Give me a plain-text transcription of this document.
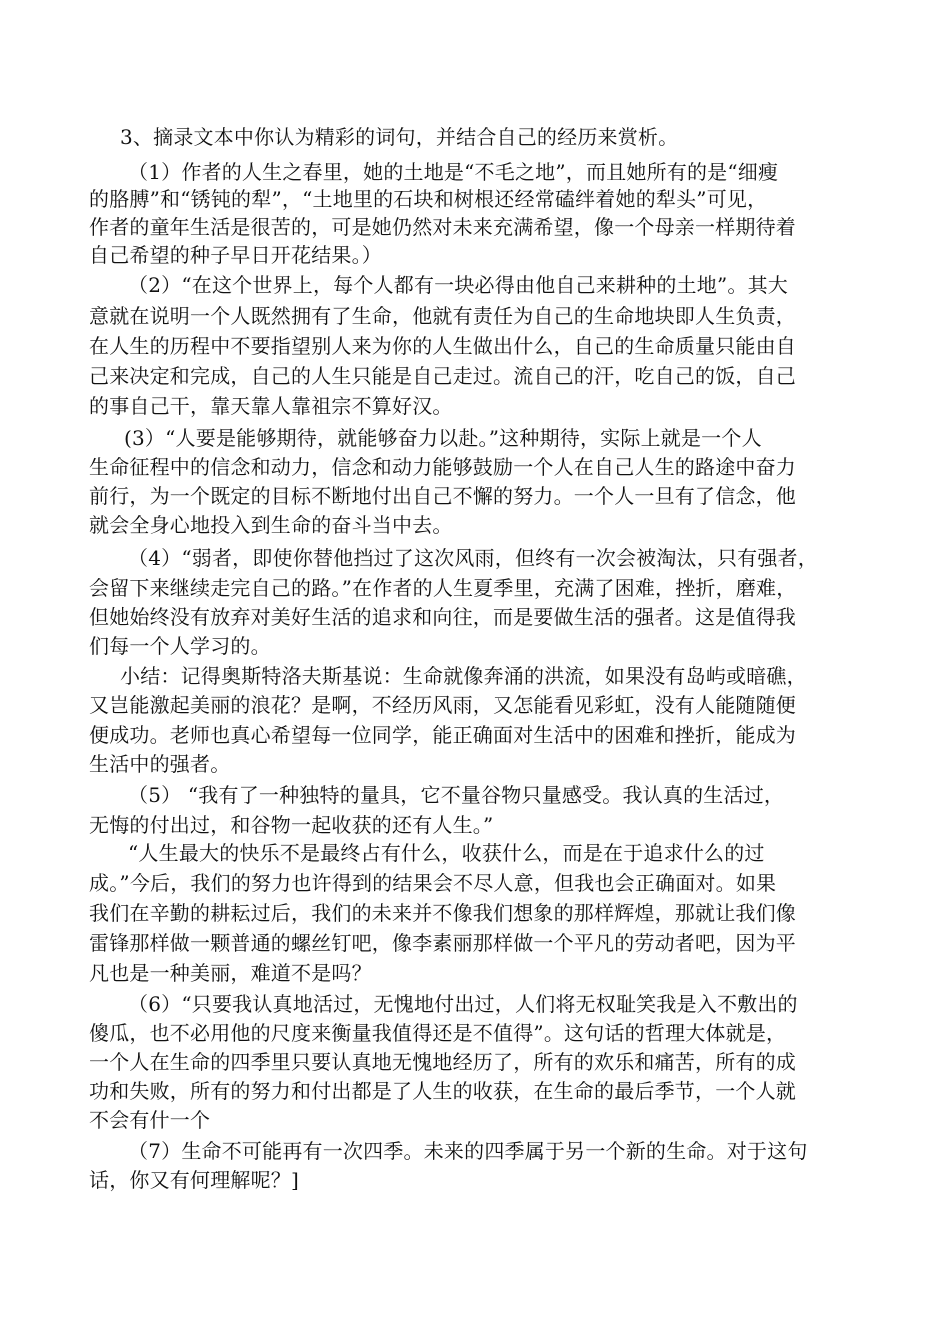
3、摘录文本中你认为精彩的词句，并结合自己的经历来赏析。
（1）作者的人生之春里，她的土地是“不毛之地”，而且她所有的是“细瘦
的胳膊”和“锈钝的犁”，“土地里的石块和树根还经常磕绊着她的犁头”可见，
作者的童年生活是很苦的，可是她仍然对未来充满希望，像一个母亲一样期待着
自己希望的种子早日开花结果。）
（2）“在这个世界上，每个人都有一块必得由他自己来耕种的土地”。其大
意就在说明一个人既然拥有了生命，他就有责任为自己的生命地块即人生负责，
在人生的历程中不要指望别人来为你的人生做出什么，自己的生命质量只能由自
己来决定和完成，自己的人生只能是自己走过。流自己的汗，吃自己的饭，自己
的事自己干，靠天靠人靠祖宗不算好汉。
(3）“人要是能够期待，就能够奋力以赴。”这种期待，实际上就是一个人
生命征程中的信念和动力，信念和动力能够鼓励一个人在自己人生的路途中奋力
前行，为一个既定的目标不断地付出自己不懈的努力。一个人一旦有了信念，他
就会全身心地投入到生命的奋斗当中去。
（4）“弱者，即使你替他挡过了这次风雨，但终有一次会被淘汰，只有强者，
会留下来继续走完自己的路。”在作者的人生夏季里，充满了困难，挫折，磨难，
但她始终没有放弃对美好生活的追求和向往，而是要做生活的强者。这是值得我
们每一个人学习的。
小结：记得奥斯特洛夫斯基说：生命就像奔涌的洪流，如果没有岛屿或暗礁，
又岂能激起美丽的浪花？是啊，不经历风雨，又怎能看见彩虹，没有人能随随便
便成功。老师也真心希望每一位同学，能正确面对生活中的困难和挫折，能成为
生活中的强者。
（5） “我有了一种独特的量具，它不量谷物只量感受。我认真的生活过，
无悔的付出过，和谷物一起收获的还有人生。”
“人生最大的快乐不是最终占有什么，收获什么，而是在于追求什么的过
成。”今后，我们的努力也许得到的结果会不尽人意，但我也会正确面对。如果
我们在辛勤的耕耘过后，我们的未来并不像我们想象的那样辉煌，那就让我们像
雷锋那样做一颗普通的螺丝钉吧，像李素丽那样做一个平凡的劳动者吧，因为平
凡也是一种美丽，难道不是吗？
（6）“只要我认真地活过，无愧地付出过，人们将无权耻笑我是入不敷出的
傻瓜，也不必用他的尺度来衡量我值得还是不值得”。这句话的哲理大体就是，
一个人在生命的四季里只要认真地无愧地经历了，所有的欢乐和痛苦，所有的成
功和失败，所有的努力和付出都是了人生的收获，在生命的最后季节，一个人就
不会有什一个
（7）生命不可能再有一次四季。未来的四季属于另一个新的生命。对于这句
话，你又有何理解呢？]
